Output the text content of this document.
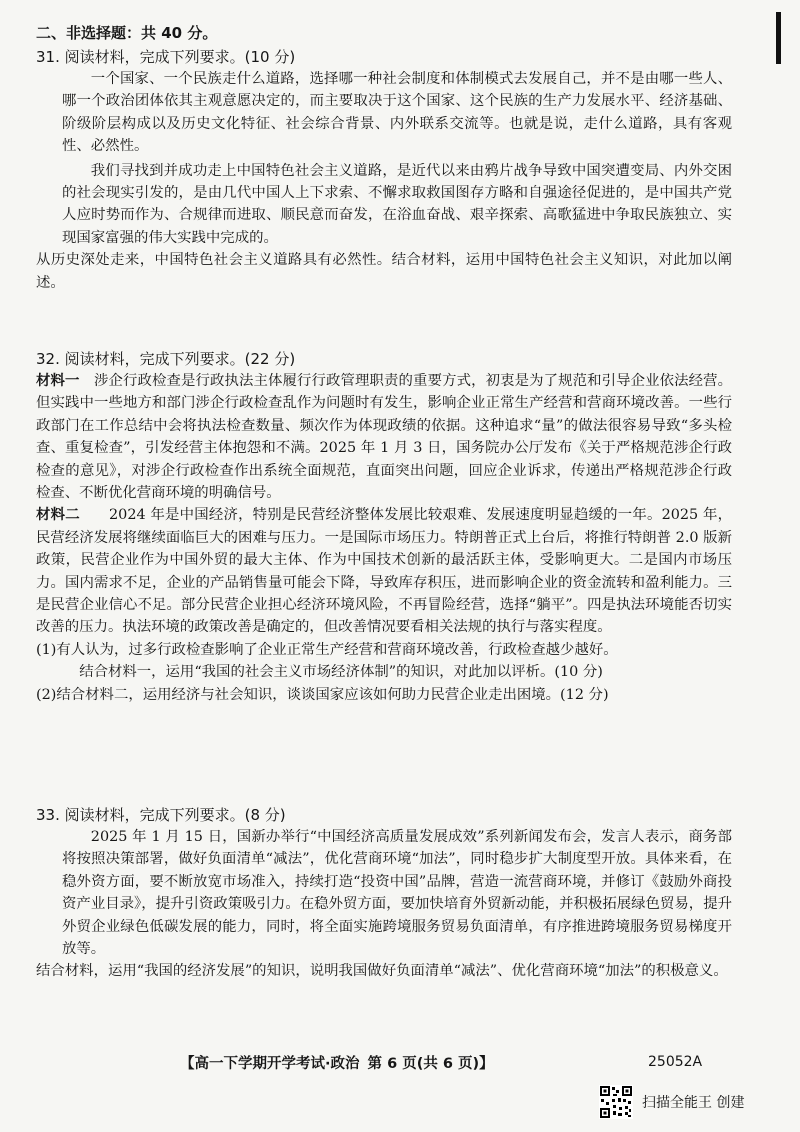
二、非选择题：共 40 分。
31. 阅读材料，完成下列要求。(10 分)

一个国家、一个民族走什么道路，选择哪一种社会制度和体制模式去发展自己，并不是由哪一些人、哪一个政治团体依其主观意愿决定的，而主要取决于这个国家、这个民族的生产力发展水平、经济基础、阶级阶层构成以及历史文化特征、社会综合背景、内外联系交流等。也就是说，走什么道路，具有客观性、必然性。

我们寻找到并成功走上中国特色社会主义道路，是近代以来由鸦片战争导致中国突遭变局、内外交困的社会现实引发的，是由几代中国人上下求索、不懈求取救国图存方略和自强途径促进的，是中国共产党人应时势而作为、合规律而进取、顺民意而奋发，在浴血奋战、艰辛探索、高歌猛进中争取民族独立、实现国家富强的伟大实践中完成的。

从历史深处走来，中国特色社会主义道路具有必然性。结合材料，运用中国特色社会主义知识，对此加以阐述。

32. 阅读材料，完成下列要求。(22 分)

材料一　 涉企行政检查是行政执法主体履行行政管理职责的重要方式，初衷是为了规范和引导企业依法经营。但实践中一些地方和部门涉企行政检查乱作为问题时有发生，影响企业正常生产经营和营商环境改善。一些行政部门在工作总结中会将执法检查数量、频次作为体现政绩的依据。这种追求“量”的做法很容易导致“多头检查、重复检查”，引发经营主体抱怨和不满。2025 年 1 月 3 日，国务院办公厅发布《关于严格规范涉企行政检查的意见》，对涉企行政检查作出系统全面规范，直面突出问题，回应企业诉求，传递出严格规范涉企行政检查、不断优化营商环境的明确信号。

材料二　　 2024 年是中国经济，特别是民营经济整体发展比较艰难、发展速度明显趋缓的一年。2025 年，民营经济发展将继续面临巨大的困难与压力。一是国际市场压力。特朗普正式上台后，将推行特朗普 2.0 版新政策，民营企业作为中国外贸的最大主体、作为中国技术创新的最活跃主体，受影响更大。二是国内市场压力。国内需求不足，企业的产品销售量可能会下降，导致库存积压，进而影响企业的资金流转和盈利能力。三是民营企业信心不足。部分民营企业担心经济环境风险，不再冒险经营，选择“躺平”。四是执法环境能否切实改善的压力。执法环境的政策改善是确定的，但改善情况要看相关法规的执行与落实程度。

(1)有人认为，过多行政检查影响了企业正常生产经营和营商环境改善，行政检查越少越好。

结合材料一，运用“我国的社会主义市场经济体制”的知识，对此加以评析。(10 分)

(2)结合材料二，运用经济与社会知识，谈谈国家应该如何助力民营企业走出困境。(12 分)

33. 阅读材料，完成下列要求。(8 分)

2025 年 1 月 15 日，国新办举行“中国经济高质量发展成效”系列新闻发布会，发言人表示，商务部将按照决策部署，做好负面清单“减法”，优化营商环境“加法”，同时稳步扩大制度型开放。具体来看，在稳外资方面，要不断放宽市场准入，持续打造“投资中国”品牌，营造一流营商环境，并修订《鼓励外商投资产业目录》，提升引资政策吸引力。在稳外贸方面，要加快培育外贸新动能，并积极拓展绿色贸易，提升外贸企业绿色低碳发展的能力，同时，将全面实施跨境服务贸易负面清单，有序推进跨境服务贸易梯度开放等。

结合材料，运用“我国的经济发展”的知识，说明我国做好负面清单“减法”、优化营商环境“加法”的积极意义。

【高一下学期开学考试·政治 第 6 页(共 6 页)】	25052A
扫描全能王 创建
